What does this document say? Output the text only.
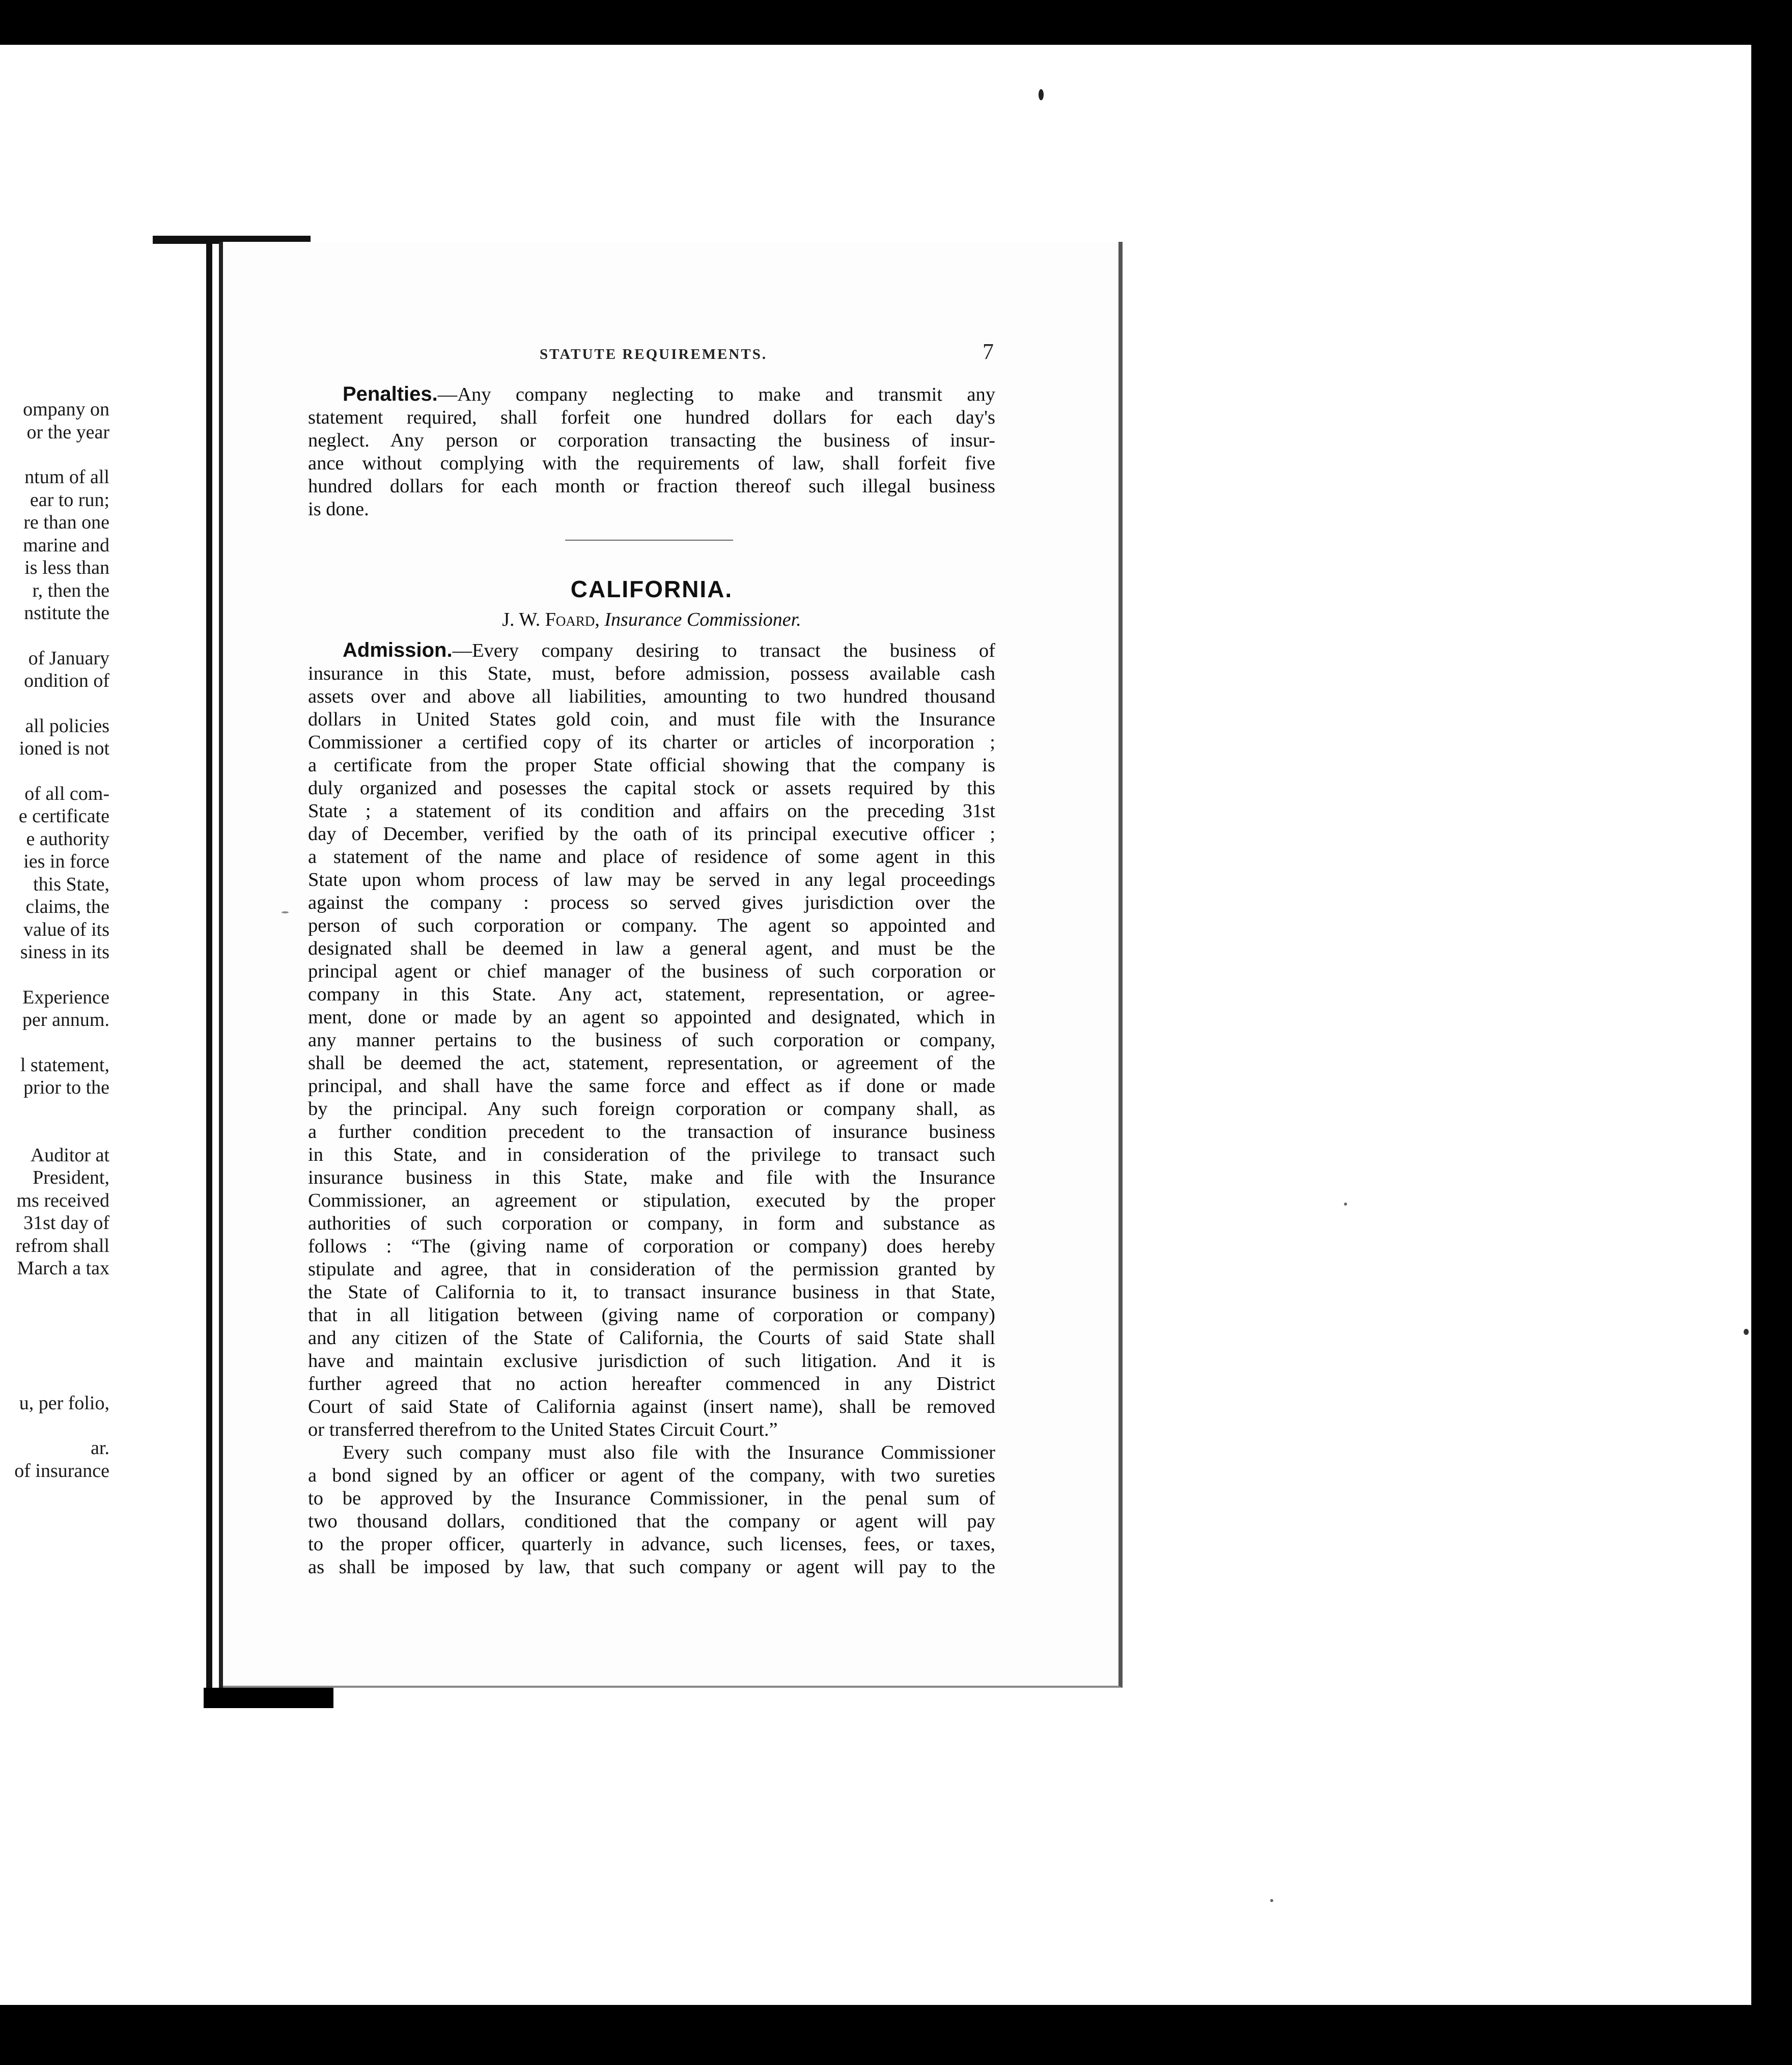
ompany on
or the year
ntum of all
ear to run;
re than one
marine and
is less than
r, then the
nstitute the
of January
ondition of
all policies
ioned is not
of all com-
e certificate
e authority
ies in force
this State,
claims, the
value of its
siness in its
Experience
per annum.
l statement,
prior to the
Auditor at
President,
ms received
31st day of
refrom shall
March a tax
u, per folio,
ar.
of insurance
STATUTE REQUIREMENTS.	7
Penalties.—Any company neglecting to make and transmit any
statement required, shall forfeit one hundred dollars for each day's
neglect. Any person or corporation transacting the business of insur-
ance without complying with the requirements of law, shall forfeit five
hundred dollars for each month or fraction thereof such illegal business
is done.
CALIFORNIA.
J. W. Foard, Insurance Commissioner.
Admission.—Every company desiring to transact the business of
insurance in this State, must, before admission, possess available cash
assets over and above all liabilities, amounting to two hundred thousand
dollars in United States gold coin, and must file with the Insurance
Commissioner a certified copy of its charter or articles of incorporation ;
a certificate from the proper State official showing that the company is
duly organized and posesses the capital stock or assets required by this
State ; a statement of its condition and affairs on the preceding 31st
day of December, verified by the oath of its principal executive officer ;
a statement of the name and place of residence of some agent in this
State upon whom process of law may be served in any legal proceedings
against the company : process so served gives jurisdiction over the
person of such corporation or company. The agent so appointed and
designated shall be deemed in law a general agent, and must be the
principal agent or chief manager of the business of such corporation or
company in this State. Any act, statement, representation, or agree-
ment, done or made by an agent so appointed and designated, which in
any manner pertains to the business of such corporation or company,
shall be deemed the act, statement, representation, or agreement of the
principal, and shall have the same force and effect as if done or made
by the principal. Any such foreign corporation or company shall, as
a further condition precedent to the transaction of insurance business
in this State, and in consideration of the privilege to transact such
insurance business in this State, make and file with the Insurance
Commissioner, an agreement or stipulation, executed by the proper
authorities of such corporation or company, in form and substance as
follows : “The (giving name of corporation or company) does hereby
stipulate and agree, that in consideration of the permission granted by
the State of California to it, to transact insurance business in that State,
that in all litigation between (giving name of corporation or company)
and any citizen of the State of California, the Courts of said State shall
have and maintain exclusive jurisdiction of such litigation. And it is
further agreed that no action hereafter commenced in any District
Court of said State of California against (insert name), shall be removed
or transferred therefrom to the United States Circuit Court.”
Every such company must also file with the Insurance Commissioner
a bond signed by an officer or agent of the company, with two sureties
to be approved by the Insurance Commissioner, in the penal sum of
two thousand dollars, conditioned that the company or agent will pay
to the proper officer, quarterly in advance, such licenses, fees, or taxes,
as shall be imposed by law, that such company or agent will pay to the
